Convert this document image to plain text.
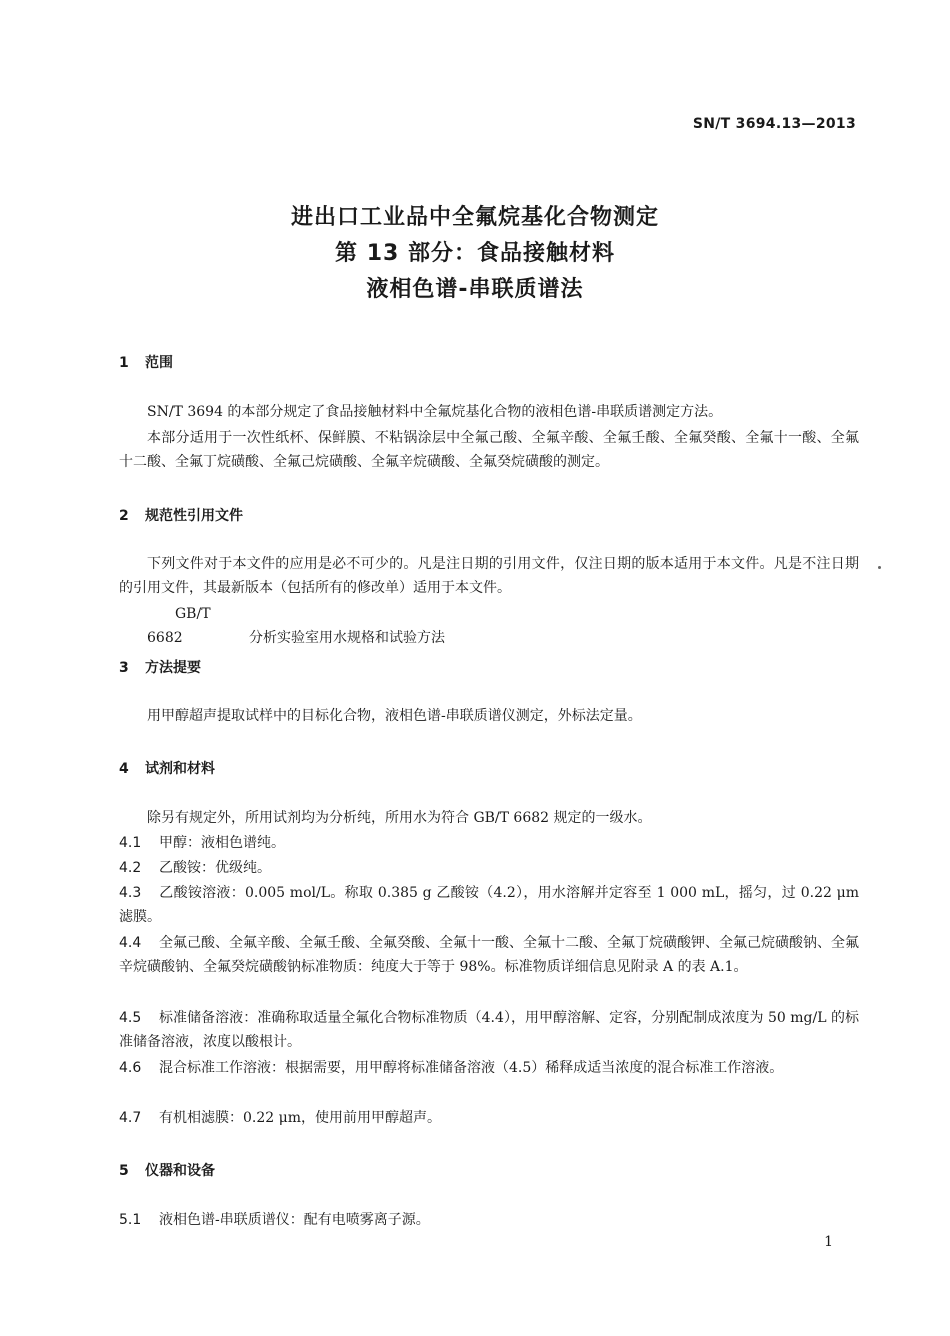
SN/T 3694.13—2013
进出口工业品中全氟烷基化合物测定
第 13 部分：食品接触材料
液相色谱-串联质谱法
1 范围
SN/T 3694 的本部分规定了食品接触材料中全氟烷基化合物的液相色谱-串联质谱测定方法。
本部分适用于一次性纸杯、保鲜膜、不粘锅涂层中全氟己酸、全氟辛酸、全氟壬酸、全氟癸酸、全氟十一酸、全氟十二酸、全氟丁烷磺酸、全氟己烷磺酸、全氟辛烷磺酸、全氟癸烷磺酸的测定。
2 规范性引用文件
下列文件对于本文件的应用是必不可少的。凡是注日期的引用文件，仅注日期的版本适用于本文件。凡是不注日期的引用文件，其最新版本（包括所有的修改单）适用于本文件。
GB/T 6682	分析实验室用水规格和试验方法
3 方法提要
用甲醇超声提取试样中的目标化合物，液相色谱-串联质谱仪测定，外标法定量。
4 试剂和材料
除另有规定外，所用试剂均为分析纯，所用水为符合 GB/T 6682 规定的一级水。
4.1 甲醇：液相色谱纯。
4.2 乙酸铵：优级纯。
4.3 乙酸铵溶液：0.005 mol/L。称取 0.385 g 乙酸铵（4.2），用水溶解并定容至 1 000 mL，摇匀，过 0.22 μm 滤膜。
4.4 全氟己酸、全氟辛酸、全氟壬酸、全氟癸酸、全氟十一酸、全氟十二酸、全氟丁烷磺酸钾、全氟己烷磺酸钠、全氟辛烷磺酸钠、全氟癸烷磺酸钠标准物质：纯度大于等于 98%。标准物质详细信息见附录 A 的表 A.1。
4.5 标准储备溶液：准确称取适量全氟化合物标准物质（4.4），用甲醇溶解、定容，分别配制成浓度为 50 mg/L 的标准储备溶液，浓度以酸根计。
4.6 混合标准工作溶液：根据需要，用甲醇将标准储备溶液（4.5）稀释成适当浓度的混合标准工作溶液。
4.7 有机相滤膜：0.22 μm，使用前用甲醇超声。
5 仪器和设备
5.1 液相色谱-串联质谱仪：配有电喷雾离子源。
1
